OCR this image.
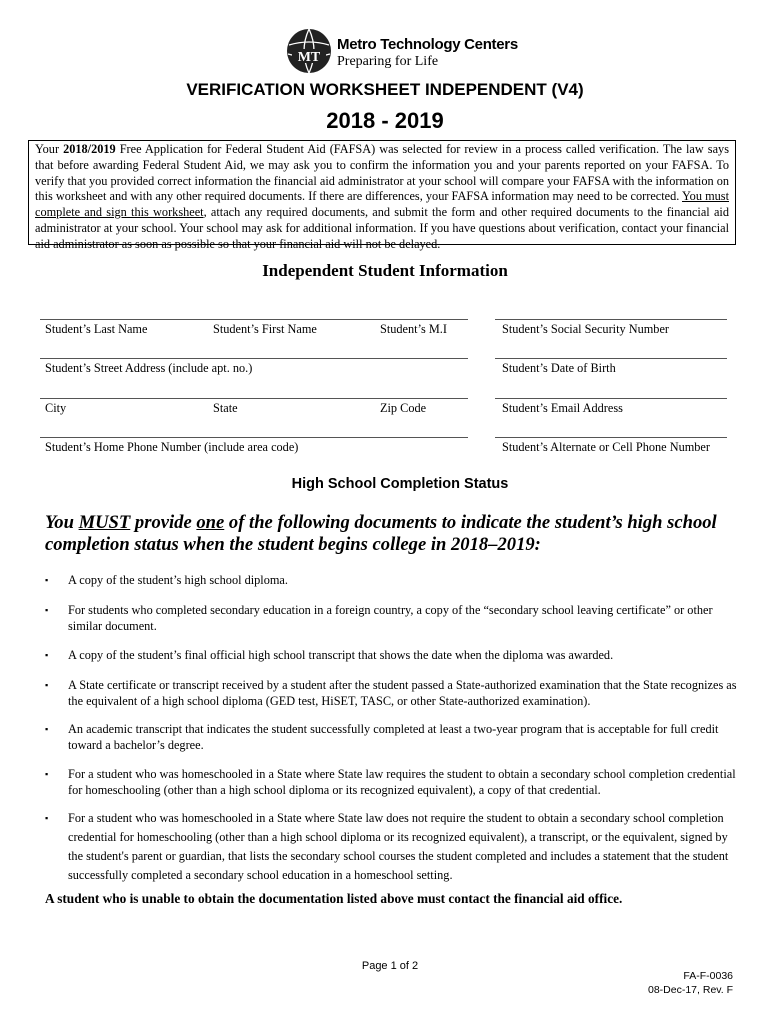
MT
Metro Technology Centers
Preparing for Life
VERIFICATION WORKSHEET INDEPENDENT (V4)
2018 - 2019
Your 2018/2019 Free Application for Federal Student Aid (FAFSA) was selected for review in a process called verification. The law says that before awarding Federal Student Aid, we may ask you to confirm the information you and your parents reported on your FAFSA. To verify that you provided correct information the financial aid administrator at your school will compare your FAFSA with the information on this worksheet and with any other required documents. If there are differences, your FAFSA information may need to be corrected. You must complete and sign this worksheet, attach any required documents, and submit the form and other required documents to the financial aid administrator at your school. Your school may ask for additional information. If you have questions about verification, contact your financial aid administrator as soon as possible so that your financial aid will not be delayed.
Independent Student Information
Student’s Last Name	Student’s First Name	Student’s M.I	Student’s Social Security Number
Student’s Street Address (include apt. no.)	Student’s Date of Birth
City	State	Zip Code	Student’s Email Address
Student’s Home Phone Number (include area code)	Student’s Alternate or Cell Phone Number
High School Completion Status
You MUST provide one of the following documents to indicate the student’s high school completion status when the student begins college in 2018–2019:
▪ A copy of the student’s high school diploma.
▪ For students who completed secondary education in a foreign country, a copy of the “secondary school leaving certificate” or other similar document.
▪ A copy of the student’s final official high school transcript that shows the date when the diploma was awarded.
▪ A State certificate or transcript received by a student after the student passed a State-authorized examination that the State recognizes as the equivalent of a high school diploma (GED test, HiSET, TASC, or other State-authorized examination).
▪ An academic transcript that indicates the student successfully completed at least a two-year program that is acceptable for full credit toward a bachelor’s degree.
▪ For a student who was homeschooled in a State where State law requires the student to obtain a secondary school completion credential for homeschooling (other than a high school diploma or its recognized equivalent), a copy of that credential.
▪ For a student who was homeschooled in a State where State law does not require the student to obtain a secondary school completion credential for homeschooling (other than a high school diploma or its recognized equivalent), a transcript, or the equivalent, signed by the student's parent or guardian, that lists the secondary school courses the student completed and includes a statement that the student successfully completed a secondary school education in a homeschool setting.
A student who is unable to obtain the documentation listed above must contact the financial aid office.
Page 1 of 2
FA-F-0036
08-Dec-17, Rev. F
